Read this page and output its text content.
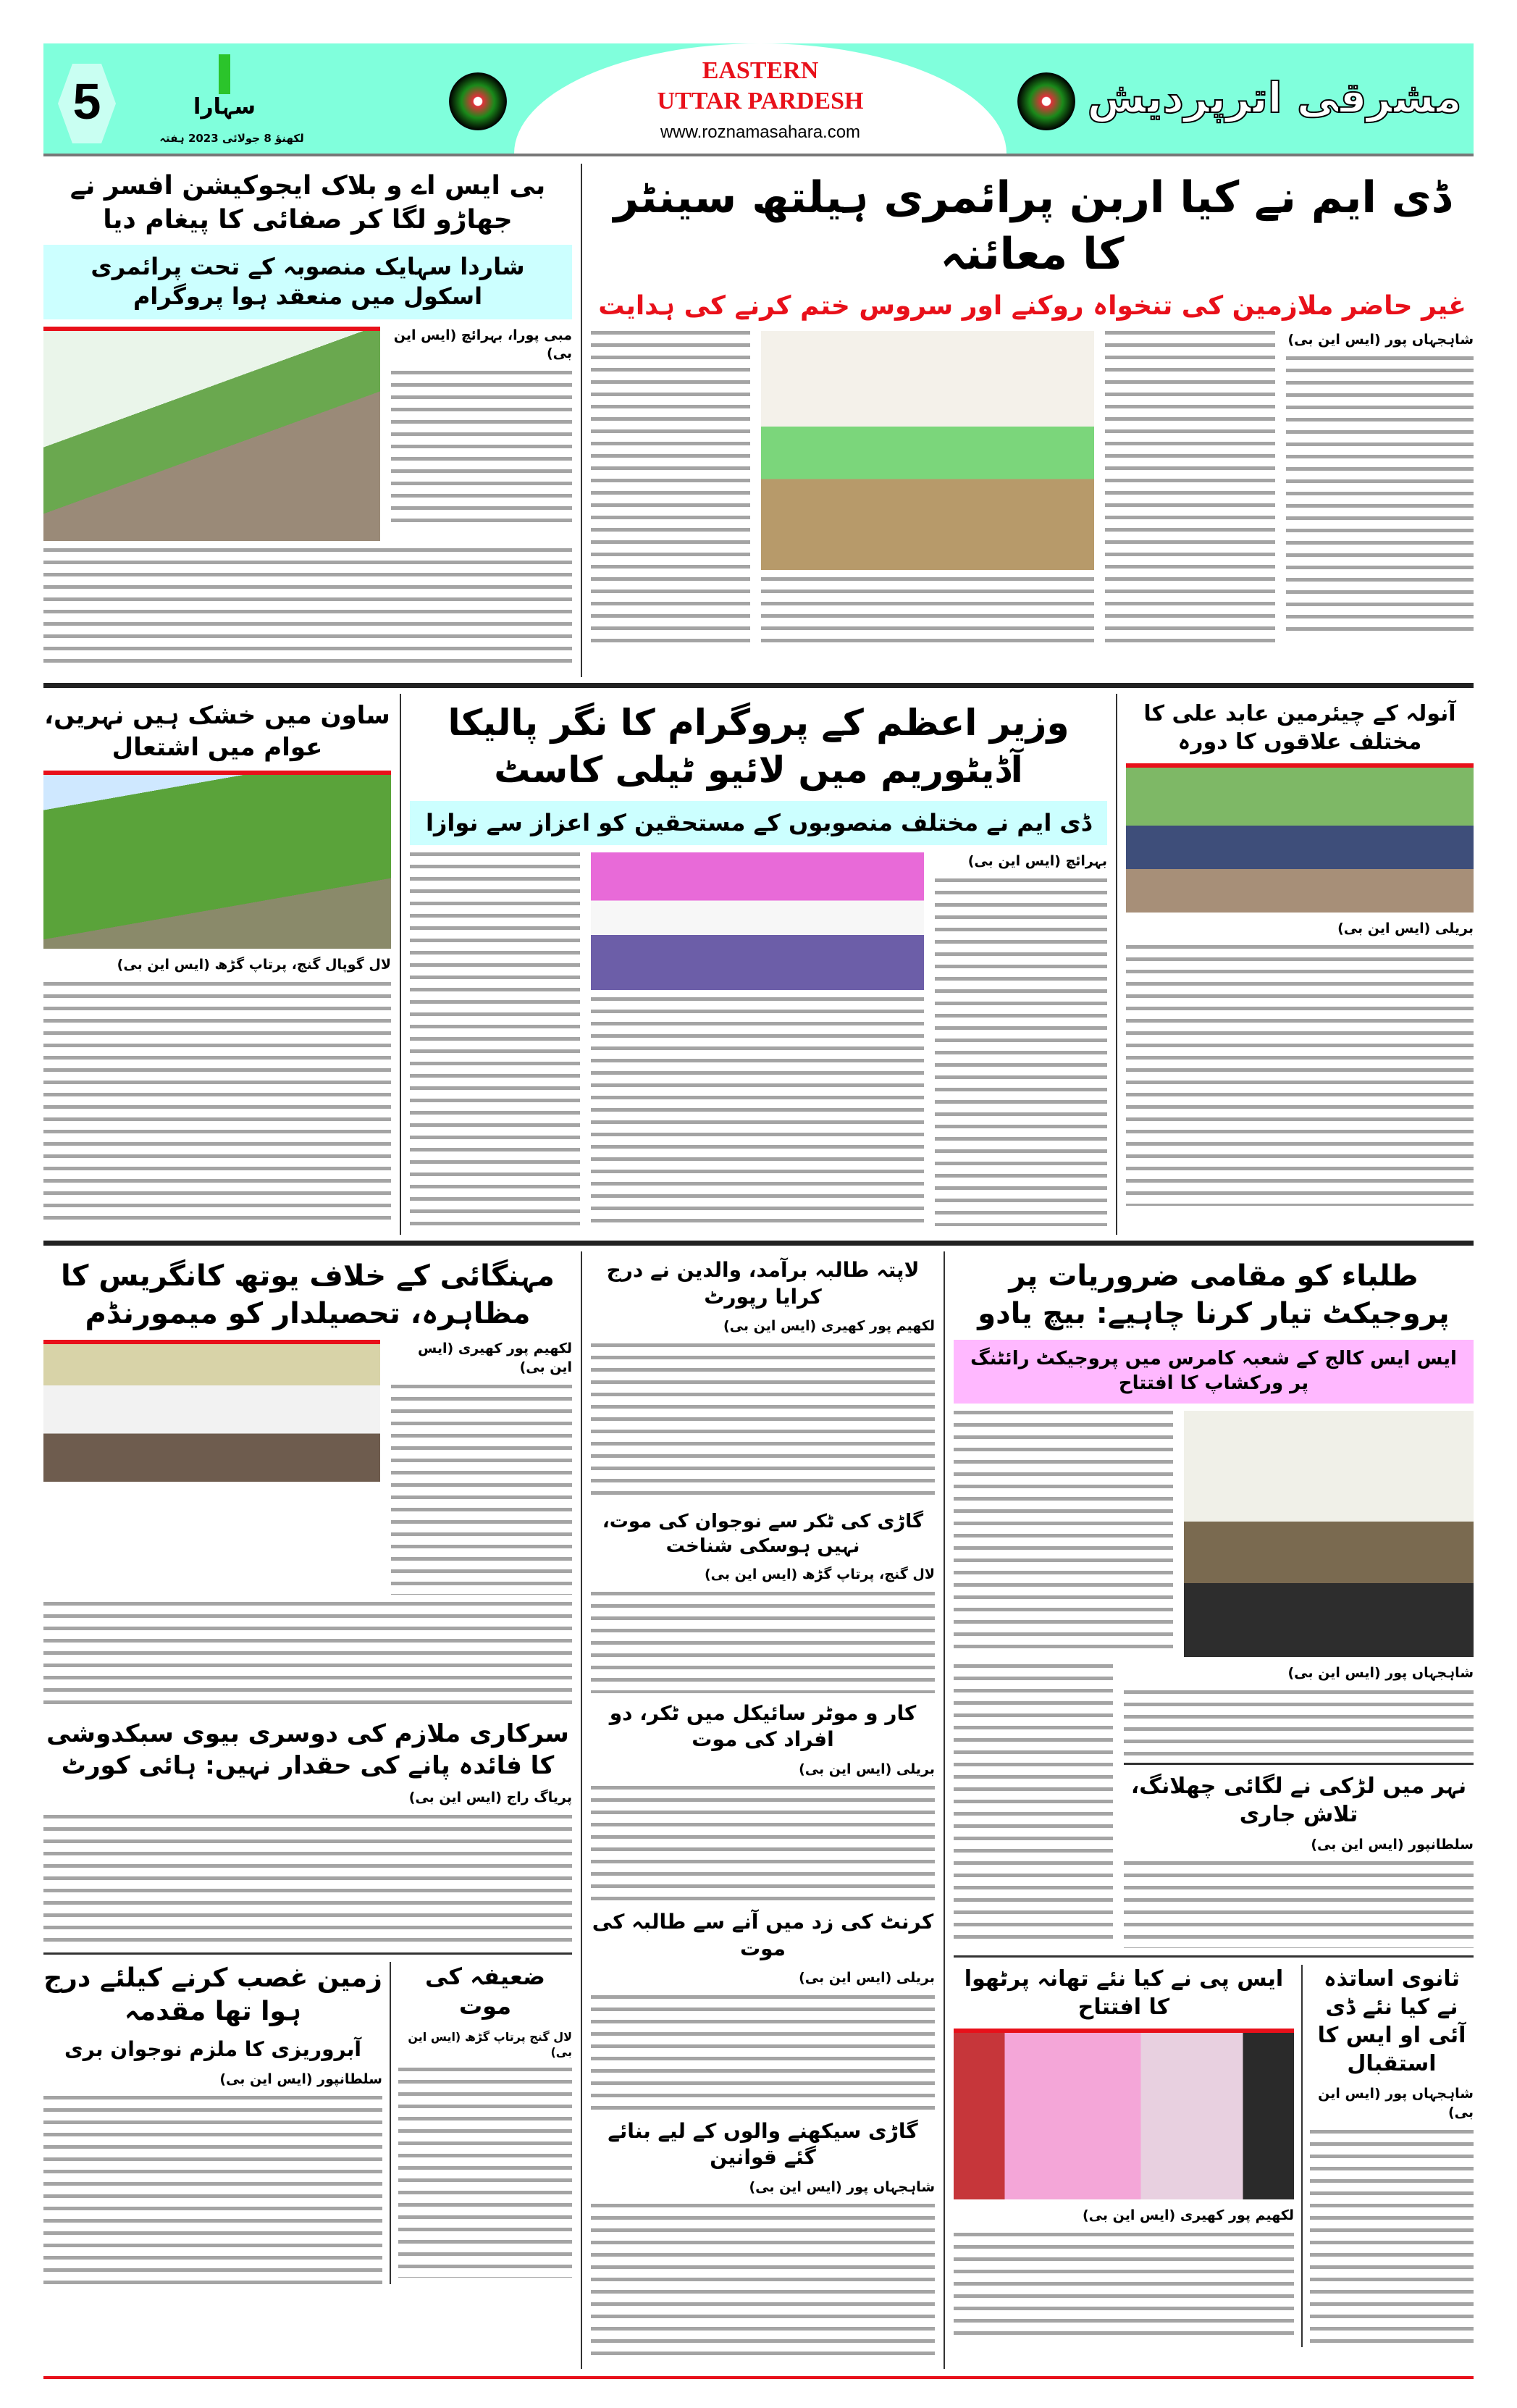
5	سہارا
لکھنؤ 8 جولائی 2023 ہفتہ
EASTERN
UTTAR PARDESH
www.roznamasahara.com
مشرقی اترپردیش
بی ایس اے و بلاک ایجوکیشن افسر نے جھاڑو لگا کر صفائی کا پیغام دیا
شاردا سہایک منصوبہ کے تحت پرائمری اسکول میں منعقد ہوا پروگرام
مبی پورا، بہرائچ (ایس این بی)
ڈی ایم نے کیا اربن پرائمری ہیلتھ سینٹر کا معائنہ
غیر حاضر ملازمین کی تنخواہ روکنے اور سروس ختم کرنے کی ہدایت
شاہجہاں پور (ایس این بی)
ساون میں خشک ہیں نہریں، عوام میں اشتعال
لال گوپال گنج، پرتاپ گڑھ (ایس این بی)
وزیر اعظم کے پروگرام کا نگر پالیکا آڈیٹوریم میں لائیو ٹیلی کاسٹ
ڈی ایم نے مختلف منصوبوں کے مستحقین کو اعزاز سے نوازا
بہرائچ (ایس این بی)
آنولہ کے چیئرمین عابد علی کا مختلف علاقوں کا دورہ
بریلی (ایس این بی)
مہنگائی کے خلاف یوتھ کانگریس کا مظاہرہ، تحصیلدار کو میمورنڈم
لکھیم پور کھیری (ایس این بی)
سرکاری ملازم کی دوسری بیوی سبکدوشی کا فائدہ پانے کی حقدار نہیں: ہائی کورٹ
پریاگ راج (ایس این بی)
زمین غصب کرنے کیلئے درج ہوا تھا مقدمہ
آبروریزی کا ملزم نوجوان بری
سلطانپور (ایس این بی)
ضعیفہ کی موت
لال گنج پرتاپ گڑھ (ایس این بی)
لاپتہ طالبہ برآمد، والدین نے درج کرایا رپورٹ
لکھیم پور کھیری (ایس این بی)
گاڑی کی ٹکر سے نوجوان کی موت، نہیں ہوسکی شناخت
لال گنج، پرتاپ گڑھ (ایس این بی)
کار و موٹر سائیکل میں ٹکر، دو افراد کی موت
بریلی (ایس این بی)
کرنٹ کی زد میں آنے سے طالبہ کی موت
بریلی (ایس این بی)
گاڑی سیکھنے والوں کے لیے بنائے گئے قوانین
شاہجہاں پور (ایس این بی)
طلباء کو مقامی ضروریات پر پروجیکٹ تیار کرنا چاہیے: بیچ یادو
ایس ایس کالج کے شعبہ کامرس میں پروجیکٹ رائٹنگ پر ورکشاپ کا افتتاح
شاہجہاں پور (ایس این بی)
نہر میں لڑکی نے لگائی چھلانگ، تلاش جاری
سلطانپور (ایس این بی)
ایس پی نے کیا نئے تھانہ پرٹھوا کا افتتاح
لکھیم پور کھیری (ایس این بی)
ثانوی اساتذہ نے کیا نئے ڈی آئی او ایس کا استقبال
شاہجہاں پور (ایس این بی)
